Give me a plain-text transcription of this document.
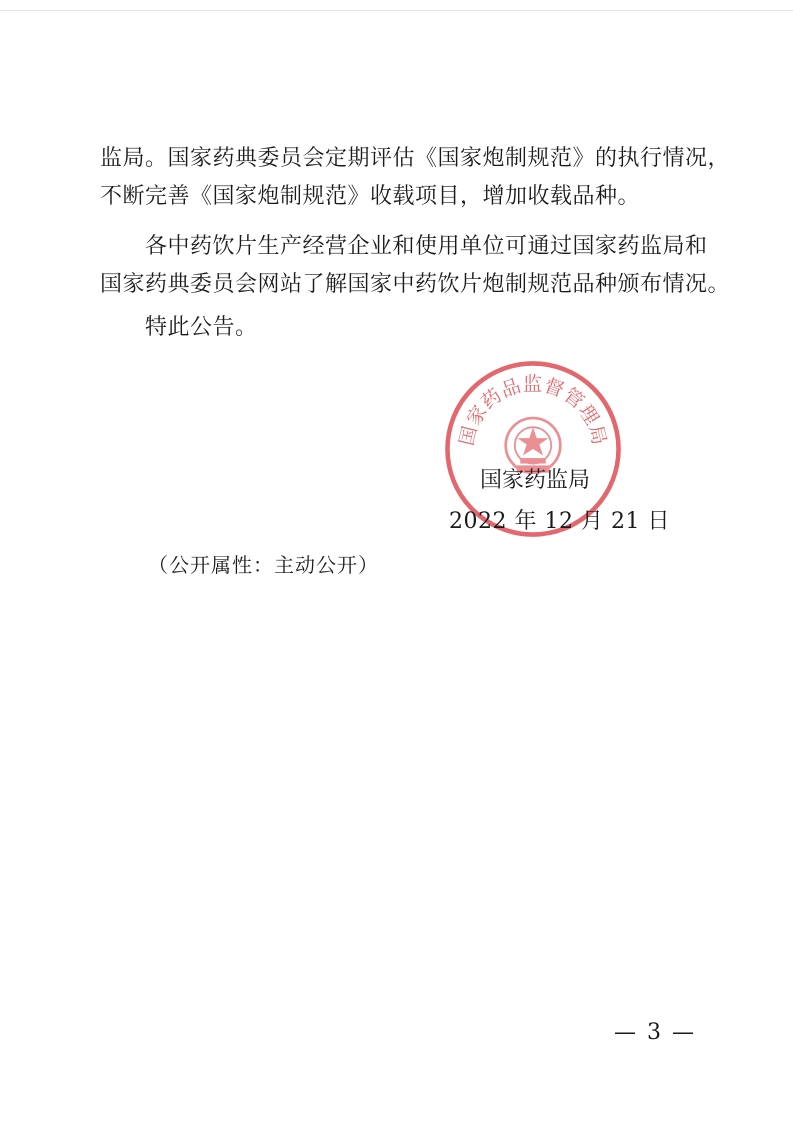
监局。国家药典委员会定期评估《国家炮制规范》的执行情况，
不断完善《国家炮制规范》收载项目，增加收载品种。
　　各中药饮片生产经营企业和使用单位可通过国家药监局和
国家药典委员会网站了解国家中药饮片炮制规范品种颁布情况。
特此公告。
国家药品监督管理局
国家药监局
2022 年 12 月 21 日
（公开属性：主动公开）
— 3 —
